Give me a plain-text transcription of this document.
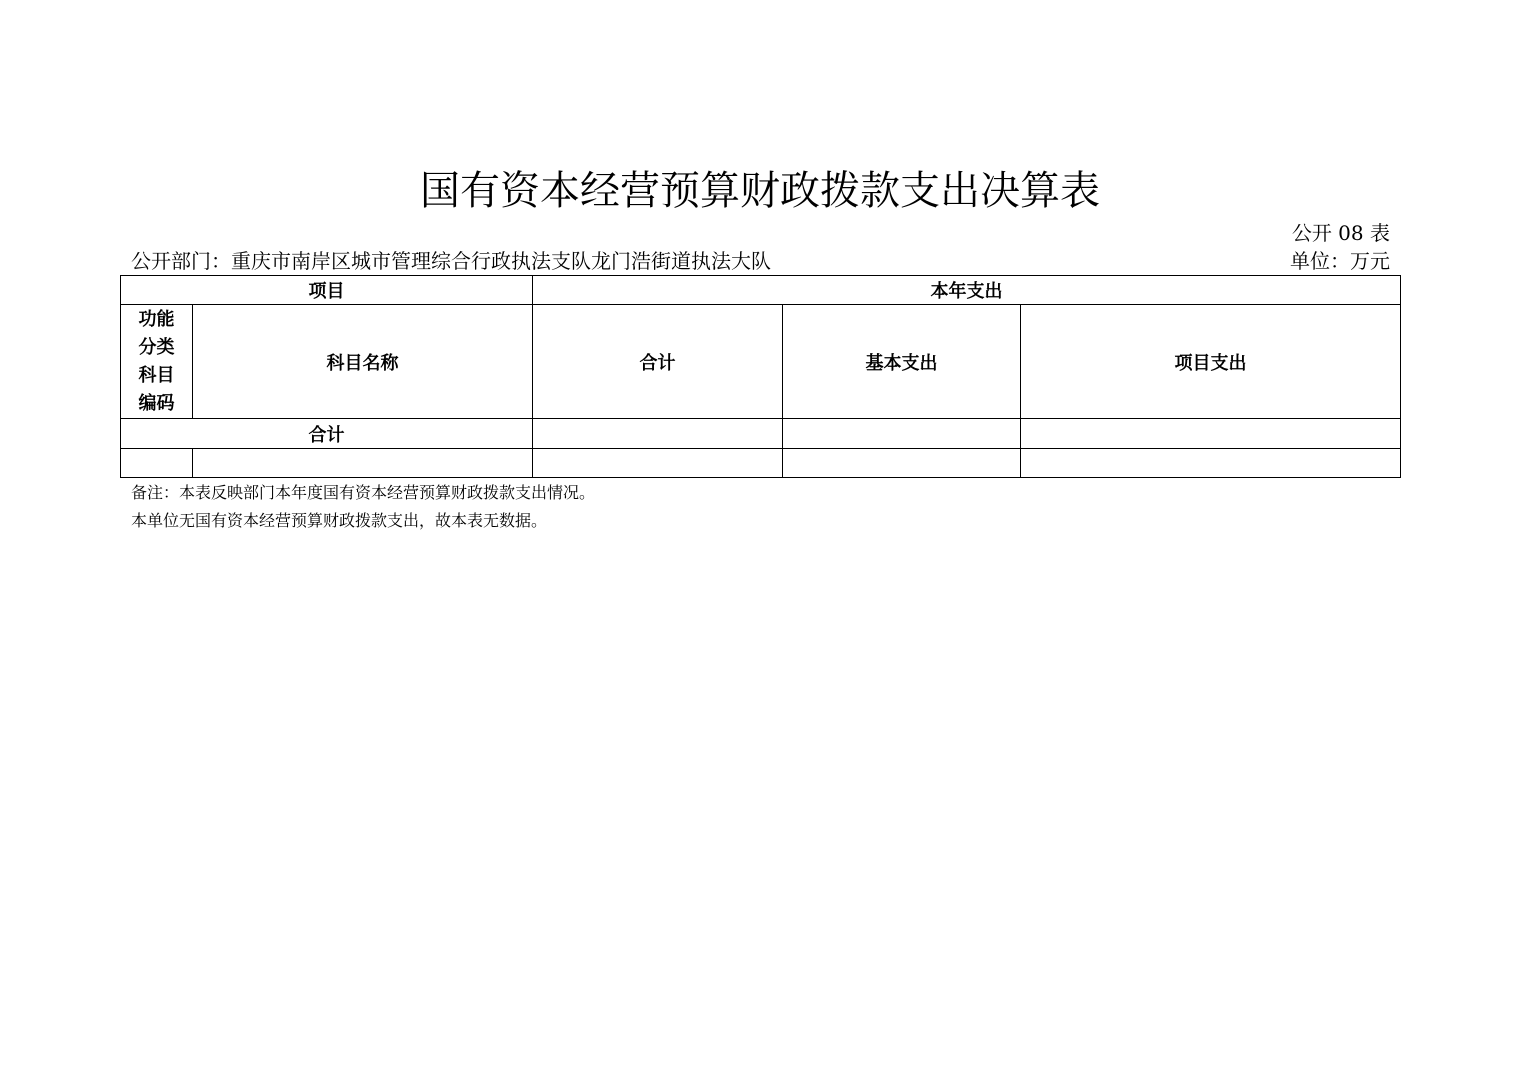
国有资本经营预算财政拨款支出决算表
公开 08 表
公开部门：重庆市南岸区城市管理综合行政执法支队龙门浩街道执法大队	单位：万元
项目		本年支出		

功能
分类
科目
编码	科目名称	合计	基本支出	项目支出
合计				

备注：本表反映部门本年度国有资本经营预算财政拨款支出情况。
本单位无国有资本经营预算财政拨款支出，故本表无数据。
